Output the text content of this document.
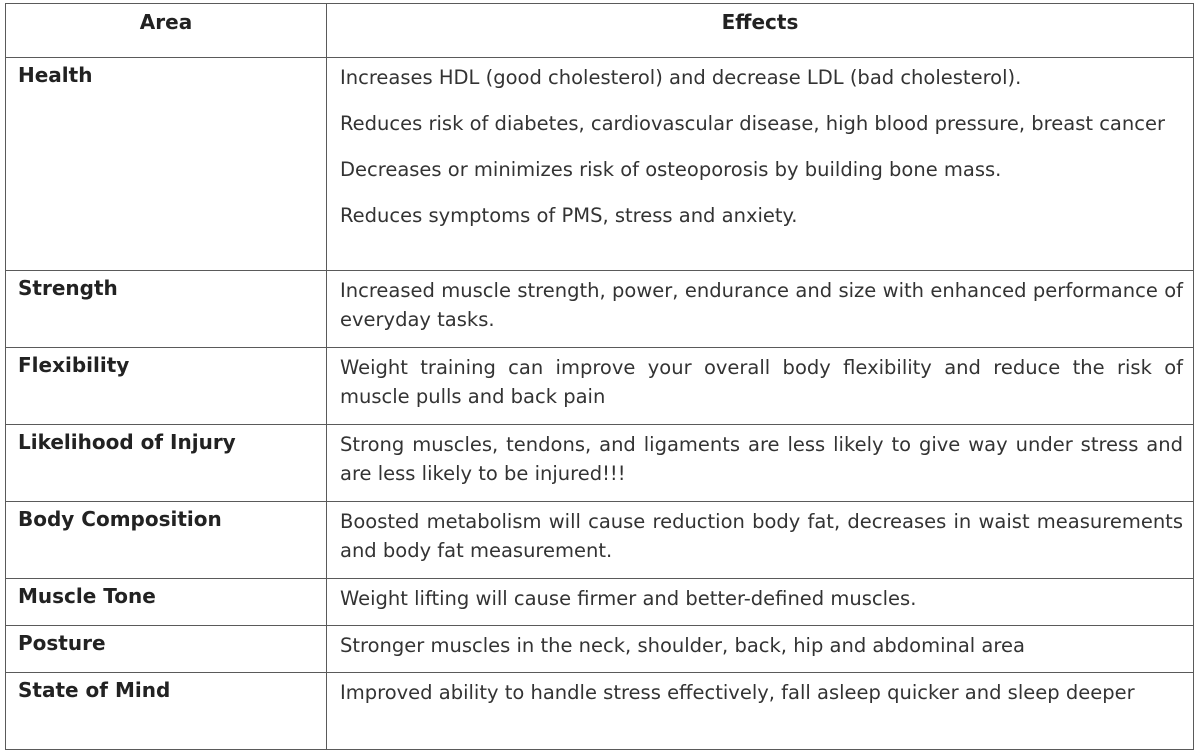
Area	Effects
Health	Increases HDL (good cholesterol) and decrease LDL (bad cholesterol).

Reduces risk of diabetes, cardiovascular disease, high blood pressure, breast cancer

Decreases or minimizes risk of osteoporosis by building bone mass.

Reduces symptoms of PMS, stress and anxiety.

Strength	Increased muscle strength, power, endurance and size with enhanced performance of everyday tasks.

Flexibility	Weight training can improve your overall body flexibility and reduce the risk of muscle pulls and back pain

Likelihood of Injury	Strong muscles, tendons, and ligaments are less likely to give way under stress and are less likely to be injured!!!

Body Composition	Boosted metabolism will cause reduction body fat, decreases in waist measurements and body fat measurement.

Muscle Tone	Weight lifting will cause firmer and better-defined muscles.

Posture	Stronger muscles in the neck, shoulder, back, hip and abdominal area

State of Mind	Improved ability to handle stress effectively, fall asleep quicker and sleep deeper
